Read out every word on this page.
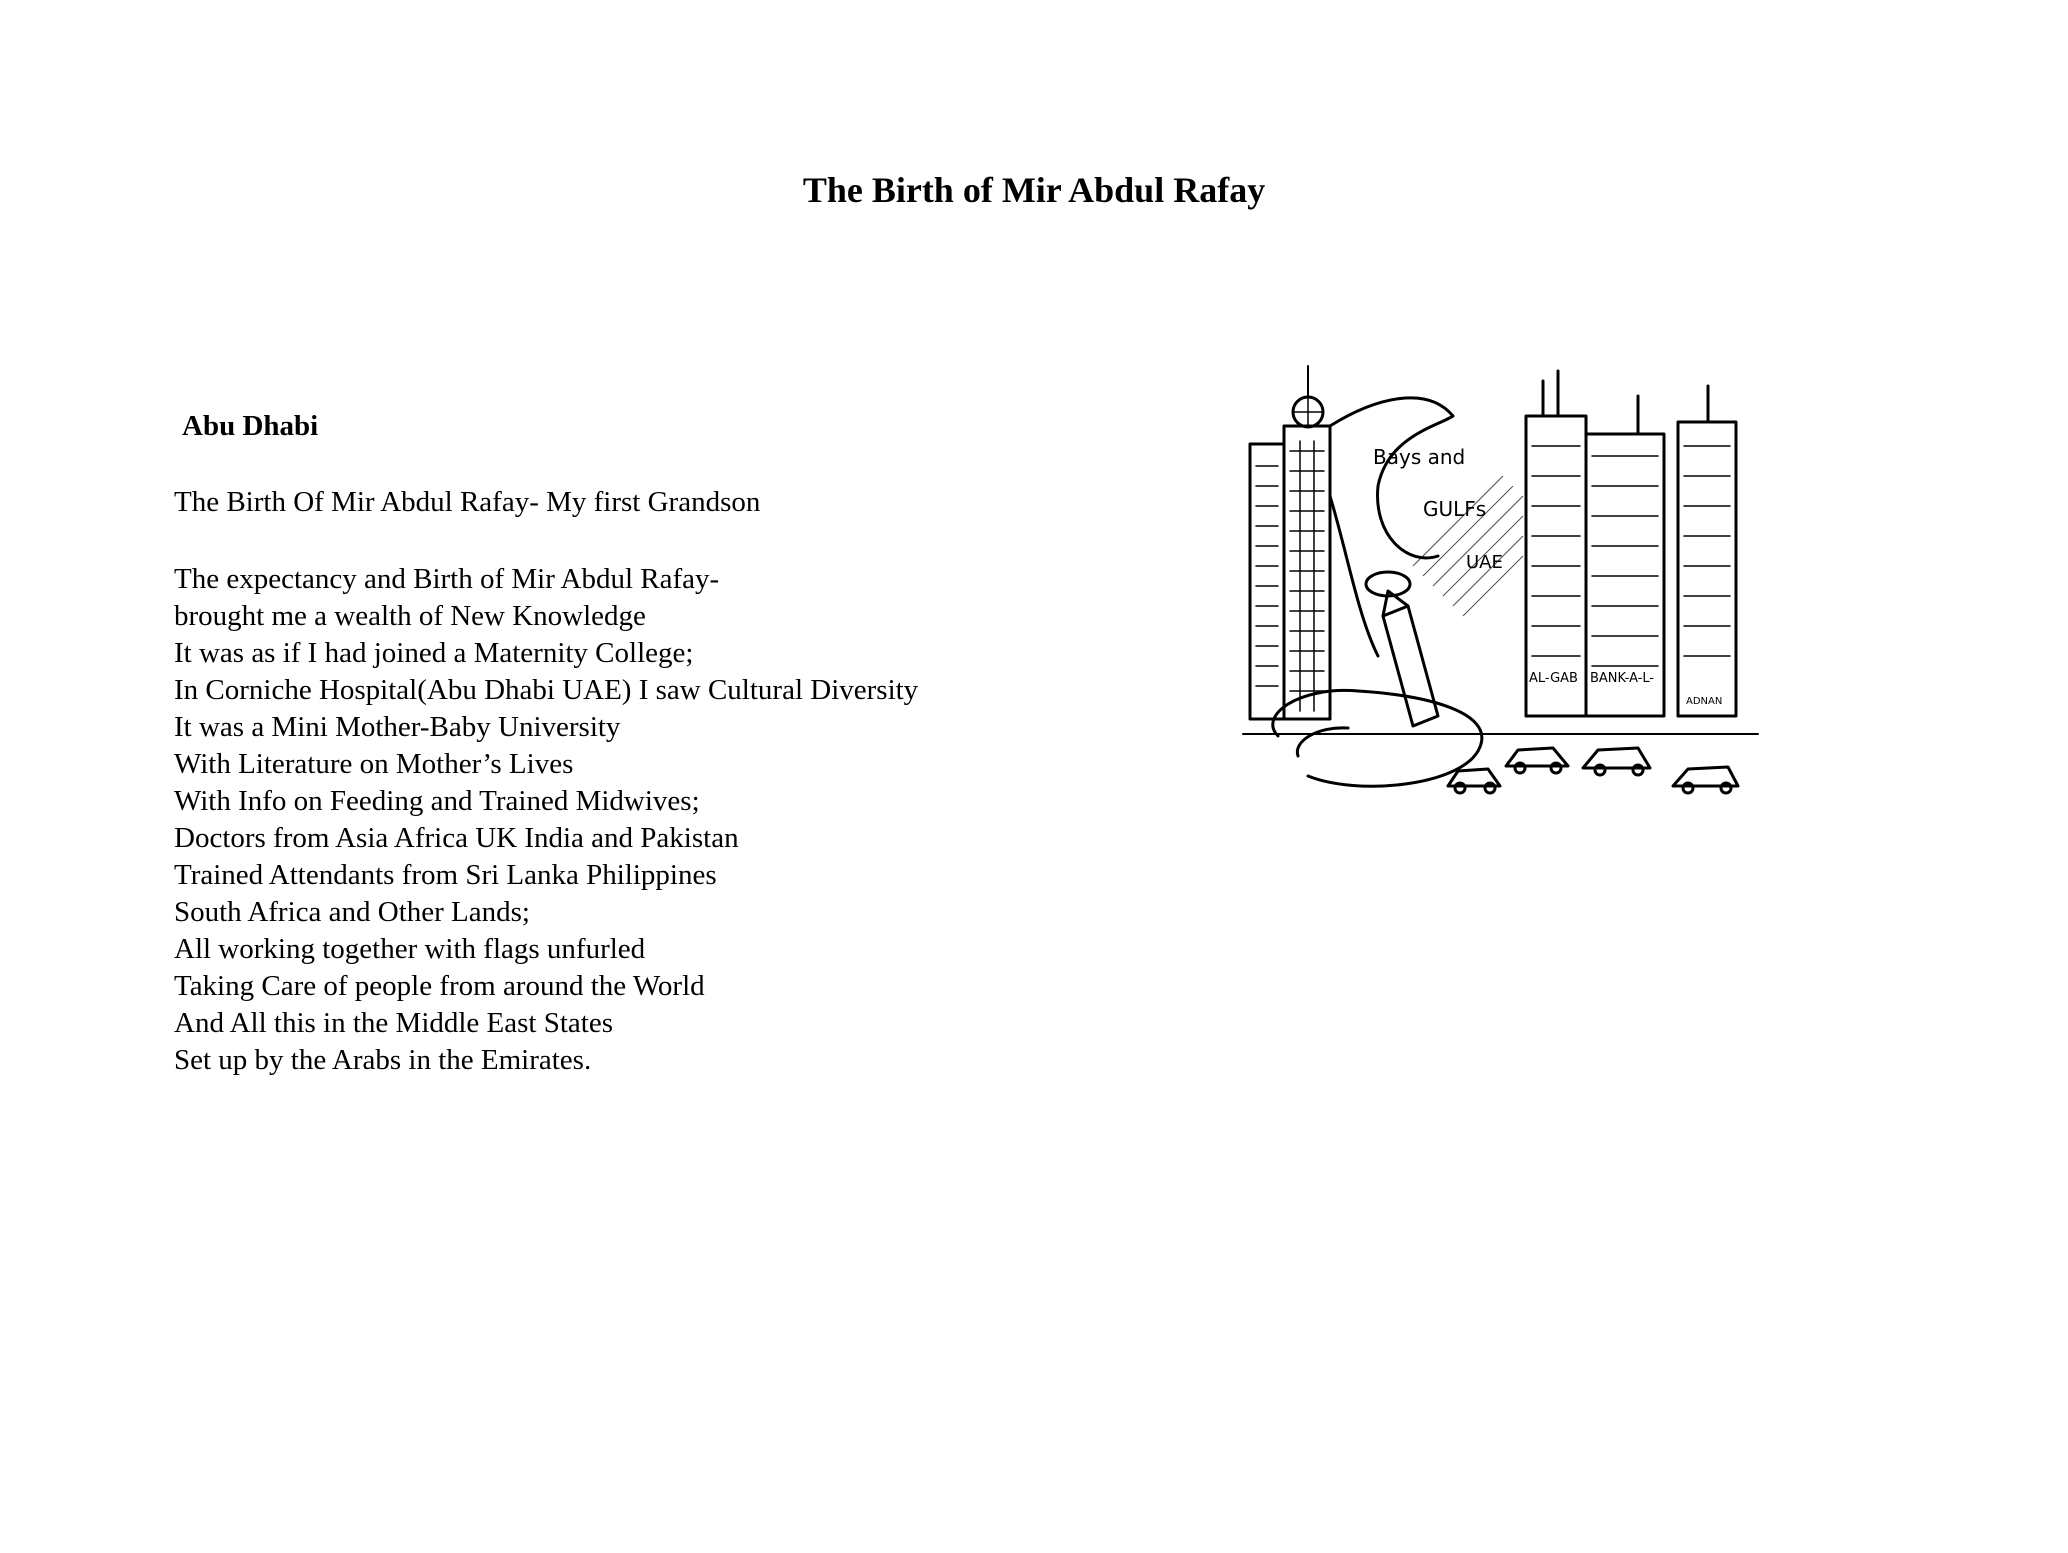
The Birth of Mir Abdul Rafay
Abu Dhabi
The Birth Of Mir Abdul Rafay- My first Grandson
The expectancy and Birth of Mir Abdul Rafay-
brought me a wealth of New Knowledge
It was as if I had joined a Maternity College;
In Corniche Hospital(Abu Dhabi UAE) I saw Cultural Diversity
It was a Mini Mother-Baby University
With Literature on Mother’s Lives
With Info on Feeding and Trained Midwives;
Doctors from Asia Africa UK India and Pakistan
Trained Attendants from Sri Lanka Philippines
South Africa and Other Lands;
All working together with flags unfurled
Taking Care of people from around the World
And All this in the Middle East States
Set up by the Arabs in the Emirates.
Bays and
GULFs
UAE
AL-GAB BANK-A-L-
ADNAN
